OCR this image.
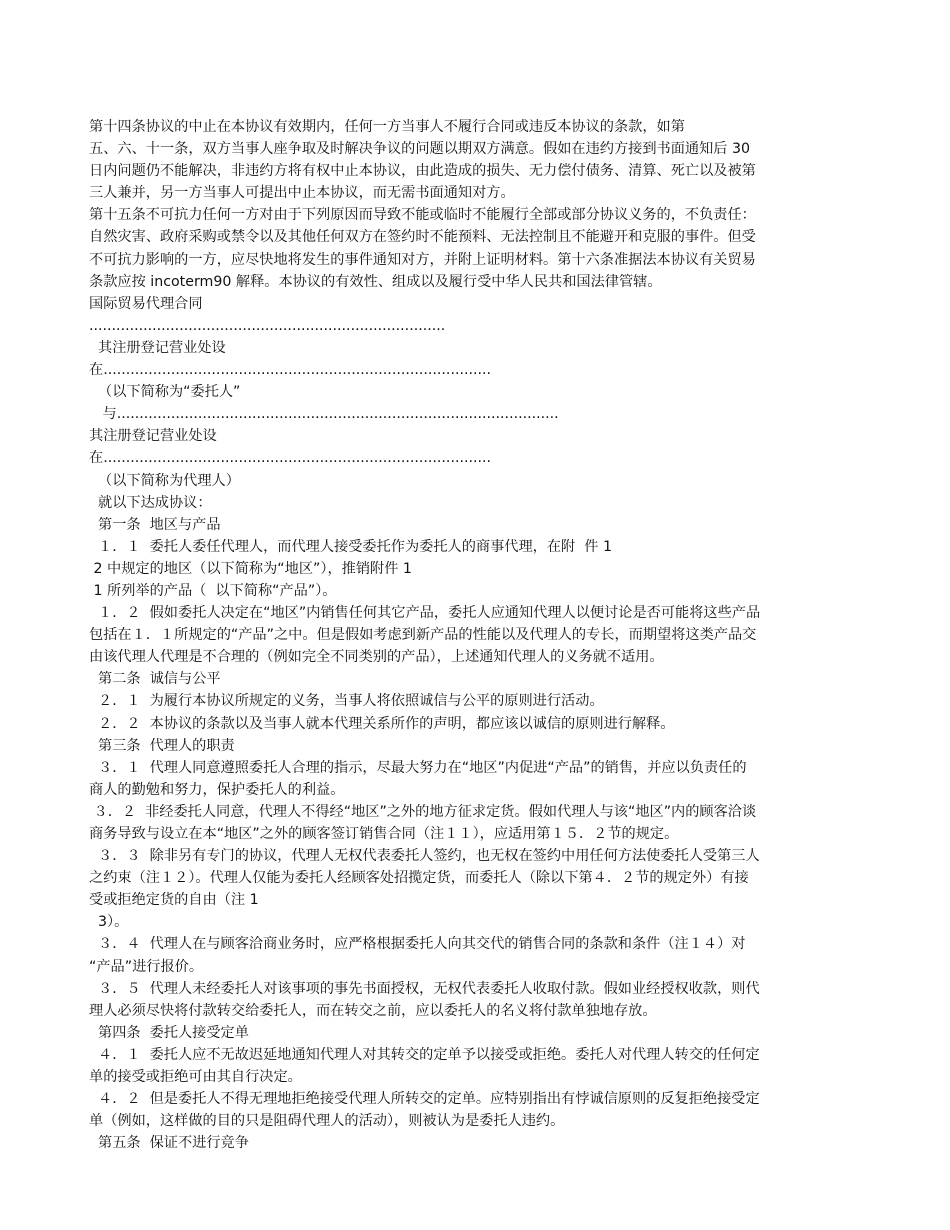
第十四条协议的中止在本协议有效期内，任何一方当事人不履行合同或违反本协议的条款，如第
五、六、十一条，双方当事人座争取及时解决争议的问题以期双方满意。假如在违约方接到书面通知后 30
日内问题仍不能解决，非违约方将有权中止本协议，由此造成的损失、无力偿付债务、清算、死亡以及被第
三人兼并，另一方当事人可提出中止本协议，而无需书面通知对方。
第十五条不可抗力任何一方对由于下列原因而导致不能或临时不能履行全部或部分协议义务的，不负责任：
自然灾害、政府采购或禁令以及其他任何双方在签约时不能预料、无法控制且不能避开和克服的事件。但受
不可抗力影响的一方，应尽快地将发生的事件通知对方，并附上证明材料。第十六条准据法本协议有关贸易
条款应按 incoterm90 解释。本协议的有效性、组成以及履行受中华人民共和国法律管辖。
国际贸易代理合同
...............................................................................
其注册登记营业处设
在......................................................................................
（以下简称为“委托人”
与..................................................................................................
其注册登记营业处设
在......................................................................................
（以下简称为代理人）
就以下达成协议：
第一条  地区与产品
１．１  委托人委任代理人，而代理人接受委托作为委托人的商事代理，在附  件 1
2 中规定的地区（以下简称为“地区”），推销附件 1
1 所列举的产品（  以下简称“产品”）。
１．２  假如委托人决定在“地区”内销售任何其它产品，委托人应通知代理人以便讨论是否可能将这些产品
包括在１．１所规定的“产品”之中。但是假如考虑到新产品的性能以及代理人的专长，而期望将这类产品交
由该代理人代理是不合理的（例如完全不同类别的产品），上述通知代理人的义务就不适用。
第二条  诚信与公平
２．１  为履行本协议所规定的义务，当事人将依照诚信与公平的原则进行活动。
２．２  本协议的条款以及当事人就本代理关系所作的声明，都应该以诚信的原则进行解释。
第三条  代理人的职责
３．１  代理人同意遵照委托人合理的指示，尽最大努力在“地区”内促进“产品”的销售，并应以负责任的
商人的勤勉和努力，保护委托人的利益。
３．２  非经委托人同意，代理人不得经“地区”之外的地方征求定货。假如代理人与该“地区”内的顾客洽谈
商务导致与设立在本“地区”之外的顾客签订销售合同（注１１），应适用第１５．２节的规定。
３．３  除非另有专门的协议，代理人无权代表委托人签约，也无权在签约中用任何方法使委托人受第三人
之约束（注１２）。代理人仅能为委托人经顾客处招揽定货，而委托人（除以下第４．２节的规定外）有接
受或拒绝定货的自由（注 1
3）。
３．４  代理人在与顾客洽商业务时，应严格根据委托人向其交代的销售合同的条款和条件（注１４）对
“产品”进行报价。
３．５  代理人未经委托人对该事项的事先书面授权，无权代表委托人收取付款。假如业经授权收款，则代
理人必须尽快将付款转交给委托人，而在转交之前，应以委托人的名义将付款单独地存放。
第四条  委托人接受定单
４．１  委托人应不无故迟延地通知代理人对其转交的定单予以接受或拒绝。委托人对代理人转交的任何定
单的接受或拒绝可由其自行决定。
４．２  但是委托人不得无理地拒绝接受代理人所转交的定单。应特别指出有悖诚信原则的反复拒绝接受定
单（例如，这样做的目的只是阻碍代理人的活动），则被认为是委托人违约。
第五条  保证不进行竞争
